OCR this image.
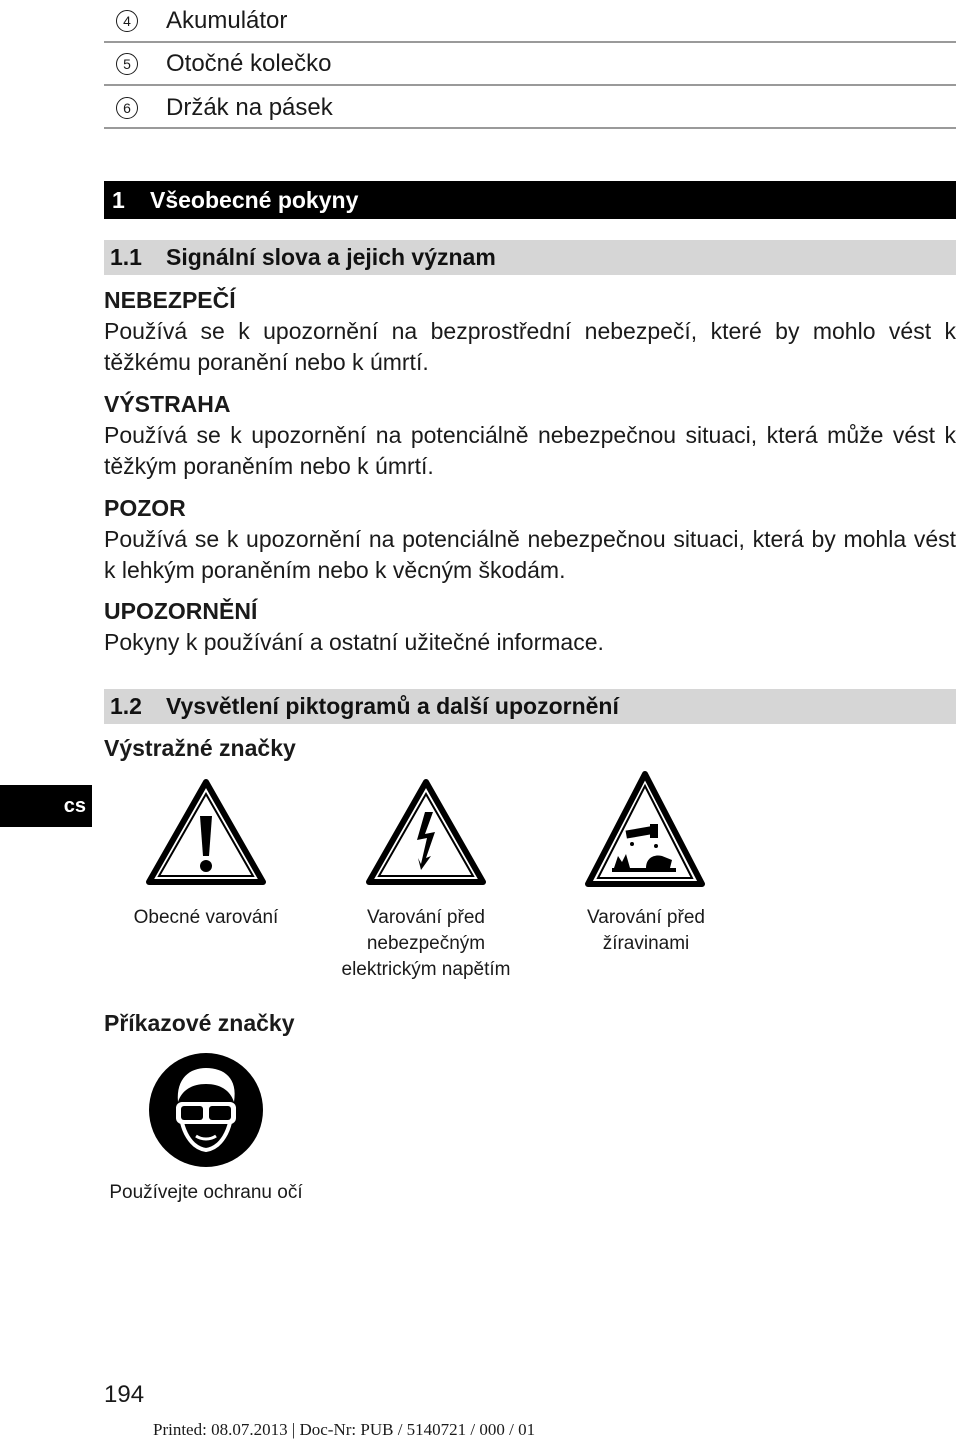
4 Akumulátor
5 Otočné kolečko
6 Držák na pásek
1	Všeobecné pokyny
1.1	Signální slova a jejich význam
NEBEZPEČÍ
Používá se k upozornění na bezprostřední nebezpečí, které by mohlo vést k těžkému poranění nebo k úmrtí.
VÝSTRAHA
Používá se k upozornění na potenciálně nebezpečnou situaci, která může vést k těžkým poraněním nebo k úmrtí.
POZOR
Používá se k upozornění na potenciálně nebezpečnou situaci, která by mohla vést k lehkým poraněním nebo k věcným škodám.
UPOZORNĚNÍ
Pokyny k používání a ostatní užitečné informace.
1.2	Vysvětlení piktogramů a další upozornění
Výstražné značky
cs
Obecné varování	Varování před nebezpečným elektrickým napětím
Varování před žíravinami
Příkazové značky
Používejte ochranu očí
194
Printed: 08.07.2013 | Doc-Nr: PUB / 5140721 / 000 / 01
